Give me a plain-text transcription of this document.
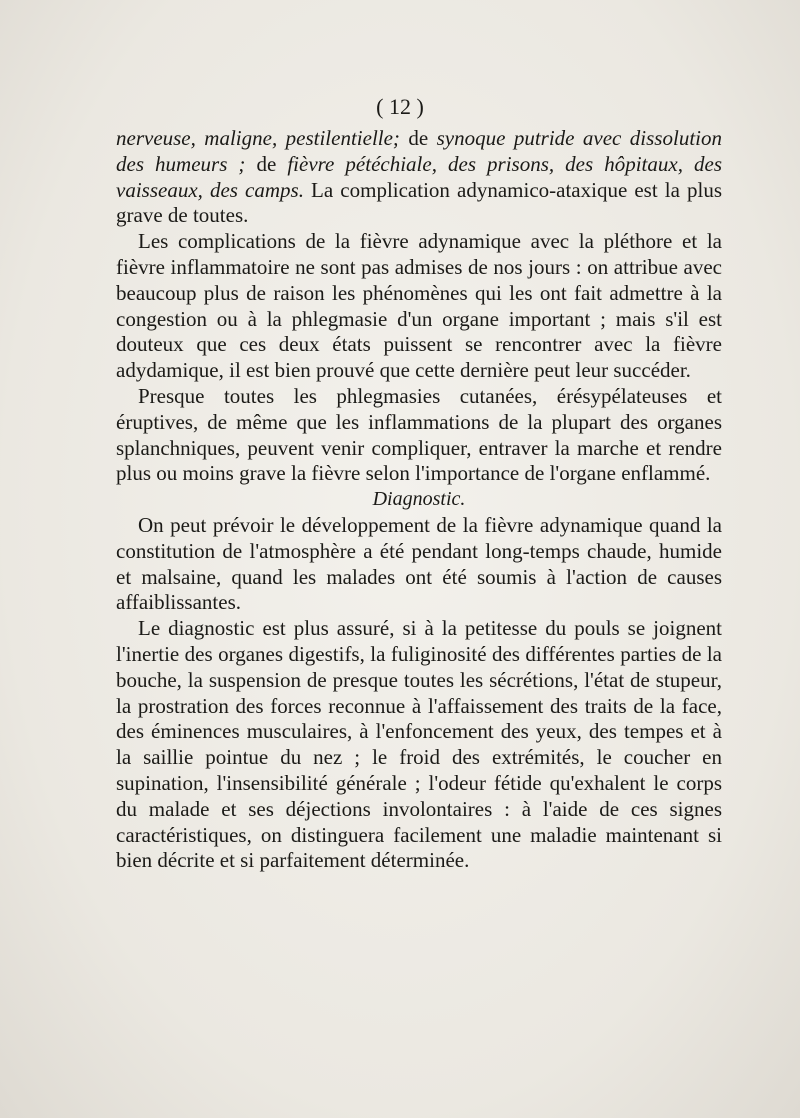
( 12 )

nerveuse, maligne, pestilentielle; de synoque putride avec dissolution des humeurs ; de fièvre pétéchiale, des prisons, des hôpitaux, des vaisseaux, des camps. La complication adynamico-ataxique est la plus grave de toutes.

Les complications de la fièvre adynamique avec la pléthore et la fièvre inflammatoire ne sont pas admises de nos jours : on attribue avec beaucoup plus de raison les phénomènes qui les ont fait admettre à la congestion ou à la phlegmasie d'un organe important ; mais s'il est douteux que ces deux états puissent se rencontrer avec la fièvre adydamique, il est bien prouvé que cette dernière peut leur succéder.

Presque toutes les phlegmasies cutanées, érésypélateuses et éruptives, de même que les inflammations de la plupart des organes splanchniques, peuvent venir compliquer, entraver la marche et rendre plus ou moins grave la fièvre selon l'importance de l'organe enflammé.

Diagnostic.

On peut prévoir le développement de la fièvre adynamique quand la constitution de l'atmosphère a été pendant long-temps chaude, humide et malsaine, quand les malades ont été soumis à l'action de causes affaiblissantes.

Le diagnostic est plus assuré, si à la petitesse du pouls se joignent l'inertie des organes digestifs, la fuliginosité des différentes parties de la bouche, la suspension de presque toutes les sécrétions, l'état de stupeur, la prostration des forces reconnue à l'affaissement des traits de la face, des éminences musculaires, à l'enfoncement des yeux, des tempes et à la saillie pointue du nez ; le froid des extrémités, le coucher en supination, l'insensibilité générale ; l'odeur fétide qu'exhalent le corps du malade et ses déjections involontaires : à l'aide de ces signes caractéristiques, on distinguera facilement une maladie maintenant si bien décrite et si parfaitement déterminée.
